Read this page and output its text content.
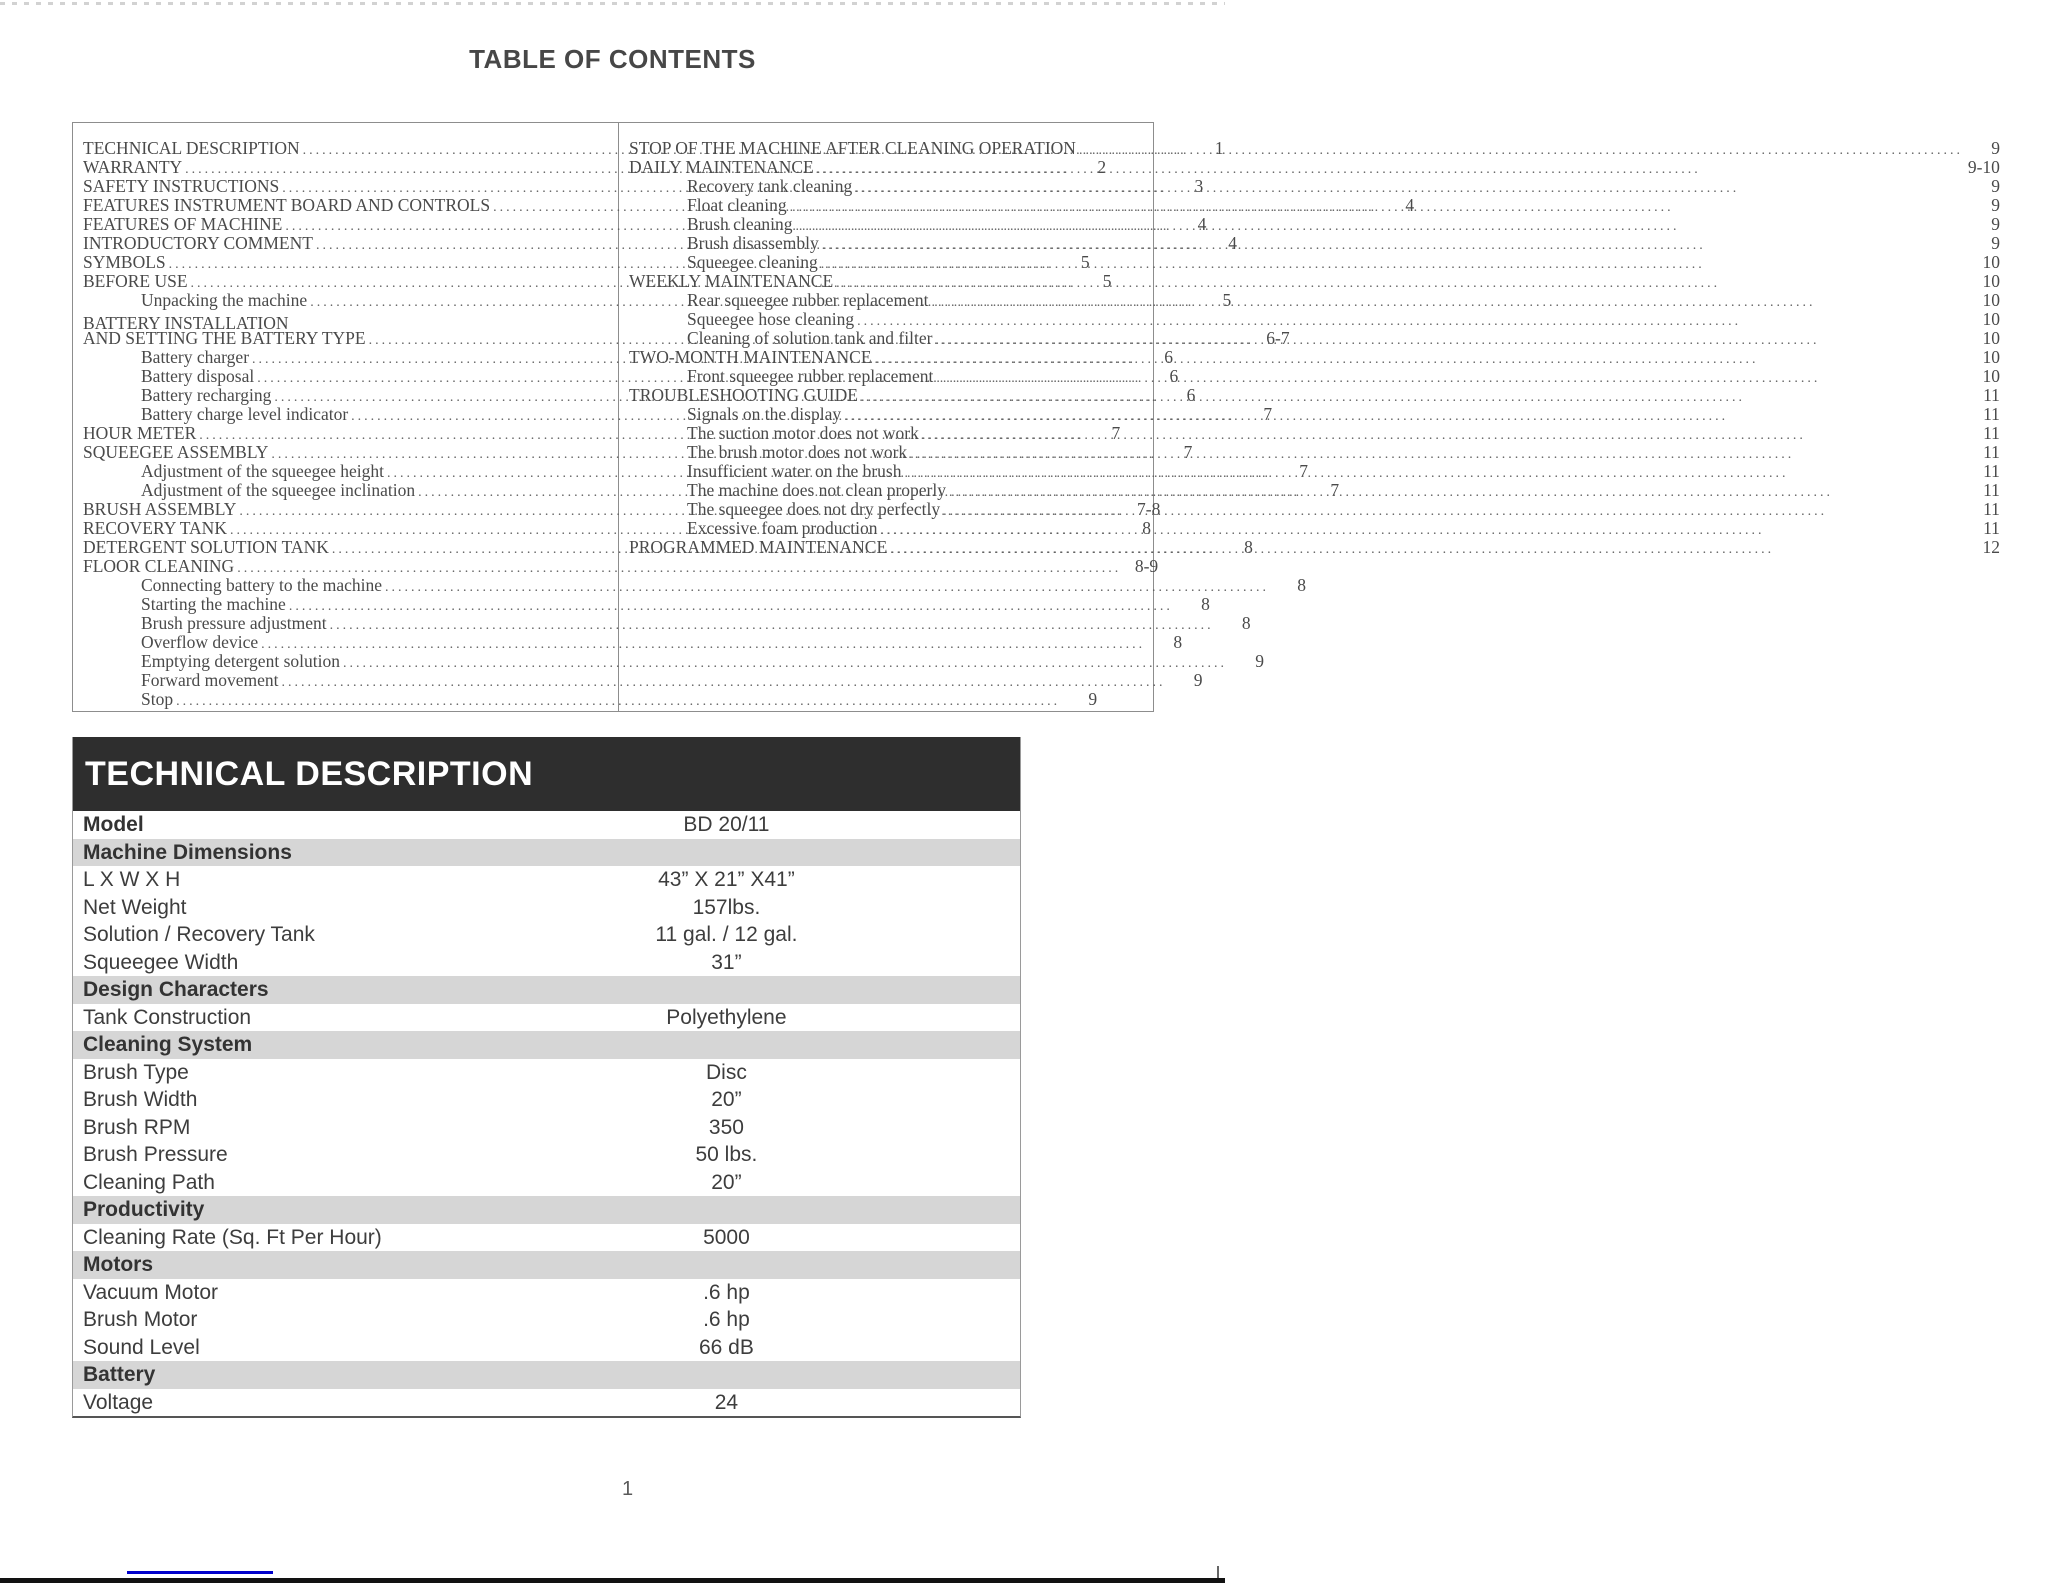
TABLE OF CONTENTS
TECHNICAL DESCRIPTION .....	1
WARRANTY .....	2
SAFETY INSTRUCTIONS .....	3
FEATURES INSTRUMENT BOARD AND CONTROLS .....	4
FEATURES OF MACHINE .....	4
INTRODUCTORY COMMENT .....	4
SYMBOLS .....	5
BEFORE USE .....	5
Unpacking the machine .....	5
BATTERY INSTALLATION
AND SETTING THE BATTERY TYPE .....	6-7
Battery charger .....	6
Battery disposal .....	6
Battery recharging .....	6
Battery charge level indicator .....	7
HOUR METER .....	7
SQUEEGEE ASSEMBLY .....	7
Adjustment of the squeegee height .....	7
Adjustment of the squeegee inclination .....	7
BRUSH ASSEMBLY .....	7-8
RECOVERY TANK .....	8
DETERGENT SOLUTION TANK .....	8
FLOOR CLEANING .....	8-9
Connecting battery to the machine .....	8
Starting the machine .....	8
Brush pressure adjustment .....	8
Overflow device .....	8
Emptying detergent solution .....	9
Forward movement .....	9
Stop .....	9
STOP OF THE MACHINE AFTER CLEANING OPERATION .....	9
DAILY MAINTENANCE .....	9-10
Recovery tank cleaning .....	9
Float cleaning .....	9
Brush cleaning .....	9
Brush disassembly .....	9
Squeegee cleaning .....	10
WEEKLY MAINTENANCE .....	10
Rear squeegee rubber replacement .....	10
Squeegee hose cleaning .....	10
Cleaning of solution tank and filter .....	10
TWO-MONTH MAINTENANCE .....	10
Front squeegee rubber replacement .....	10
TROUBLESHOOTING GUIDE .....	11
Signals on the display .....	11
The suction motor does not work .....	11
The brush motor does not work .....	11
Insufficient water on the brush .....	11
The machine does not clean properly .....	11
The squeegee does not dry perfectly .....	11
Excessive foam production .....	11
PROGRAMMED MAINTENANCE .....	12
TECHNICAL DESCRIPTION
Model	BD 20/11
Machine Dimensions
L X W X H	43” X 21” X41”
Net Weight	157lbs.
Solution / Recovery Tank	11 gal. / 12 gal.
Squeegee Width	31”
Design Characters
Tank Construction	Polyethylene
Cleaning System
Brush Type	Disc
Brush Width	20”
Brush RPM	350
Brush Pressure	50 lbs.
Cleaning Path	20”
Productivity
Cleaning Rate (Sq. Ft Per Hour)	5000
Motors
Vacuum Motor	.6 hp
Brush Motor	.6 hp
Sound Level	66 dB
Battery
Voltage	24
1
